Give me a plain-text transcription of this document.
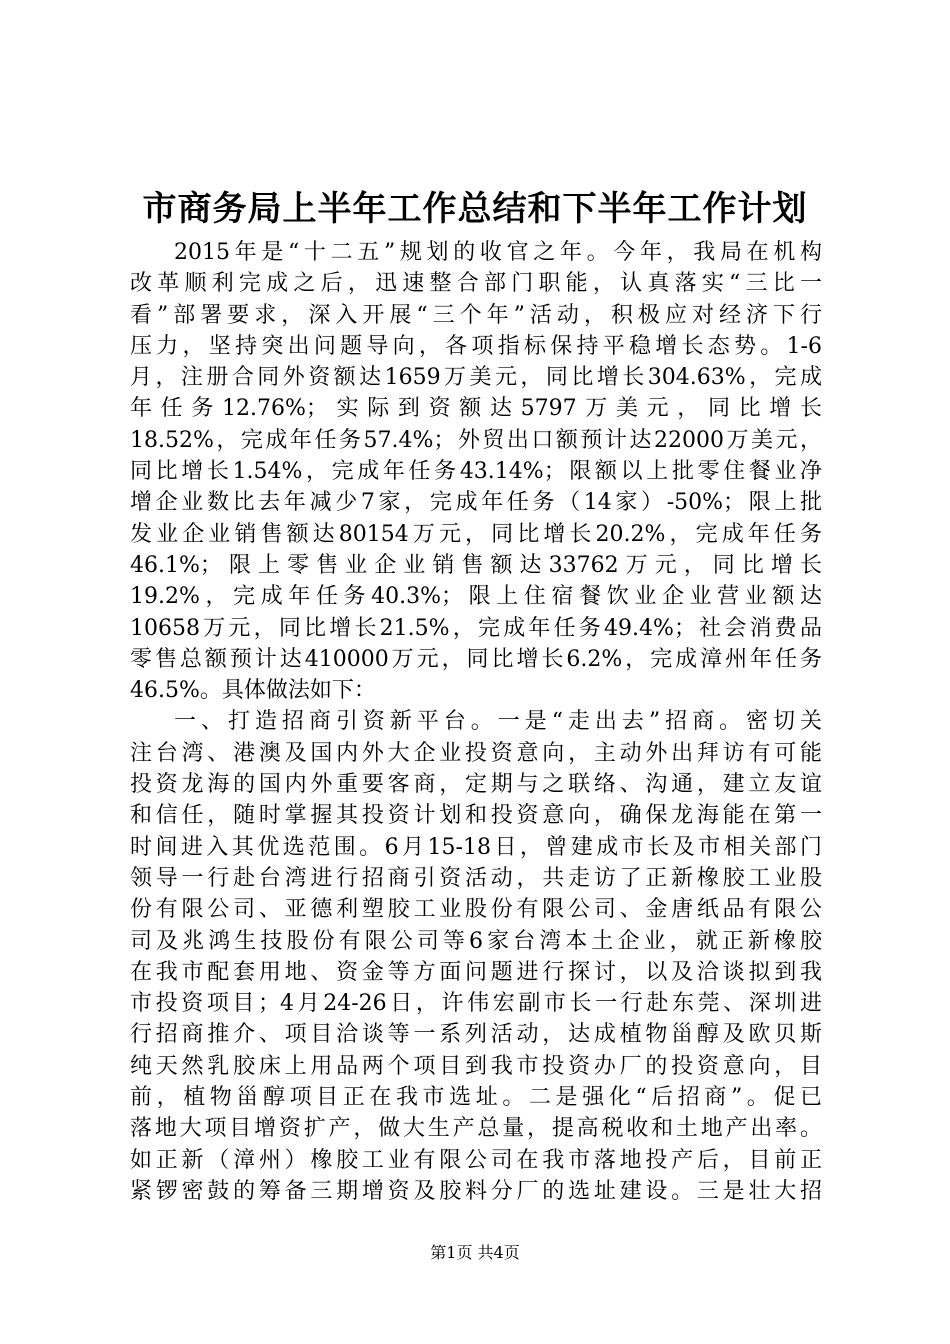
市商务局上半年工作总结和下半年工作计划
2015年是“十二五”规划的收官之年。今年，我局在机构
改革顺利完成之后，迅速整合部门职能，认真落实“三比一
看”部署要求，深入开展“三个年”活动，积极应对经济下行
压力，坚持突出问题导向，各项指标保持平稳增长态势。1-6
月，注册合同外资额达1659万美元，同比增长304.63%，完成
年任务12.76%；实际到资额达5797万美元，同比增长
18.52%，完成年任务57.4%；外贸出口额预计达22000万美元，
同比增长1.54%，完成年任务43.14%；限额以上批零住餐业净
增企业数比去年减少7家，完成年任务（14家）-50%；限上批
发业企业销售额达80154万元，同比增长20.2%，完成年任务
46.1%；限上零售业企业销售额达33762万元，同比增长
19.2%，完成年任务40.3%；限上住宿餐饮业企业营业额达
10658万元，同比增长21.5%，完成年任务49.4%；社会消费品
零售总额预计达410000万元，同比增长6.2%，完成漳州年任务
46.5%。具体做法如下：
一、打造招商引资新平台。一是“走出去”招商。密切关
注台湾、港澳及国内外大企业投资意向，主动外出拜访有可能
投资龙海的国内外重要客商，定期与之联络、沟通，建立友谊
和信任，随时掌握其投资计划和投资意向，确保龙海能在第一
时间进入其优选范围。6月15-18日，曾建成市长及市相关部门
领导一行赴台湾进行招商引资活动，共走访了正新橡胶工业股
份有限公司、亚德利塑胶工业股份有限公司、金唐纸品有限公
司及兆鸿生技股份有限公司等6家台湾本土企业，就正新橡胶
在我市配套用地、资金等方面问题进行探讨，以及洽谈拟到我
市投资项目；4月24-26日，许伟宏副市长一行赴东莞、深圳进
行招商推介、项目洽谈等一系列活动，达成植物甾醇及欧贝斯
纯天然乳胶床上用品两个项目到我市投资办厂的投资意向，目
前，植物甾醇项目正在我市选址。二是强化“后招商”。促已
落地大项目增资扩产，做大生产总量，提高税收和土地产出率。
如正新（漳州）橡胶工业有限公司在我市落地投产后，目前正
紧锣密鼓的筹备三期增资及胶料分厂的选址建设。三是壮大招
第1页 共4页
